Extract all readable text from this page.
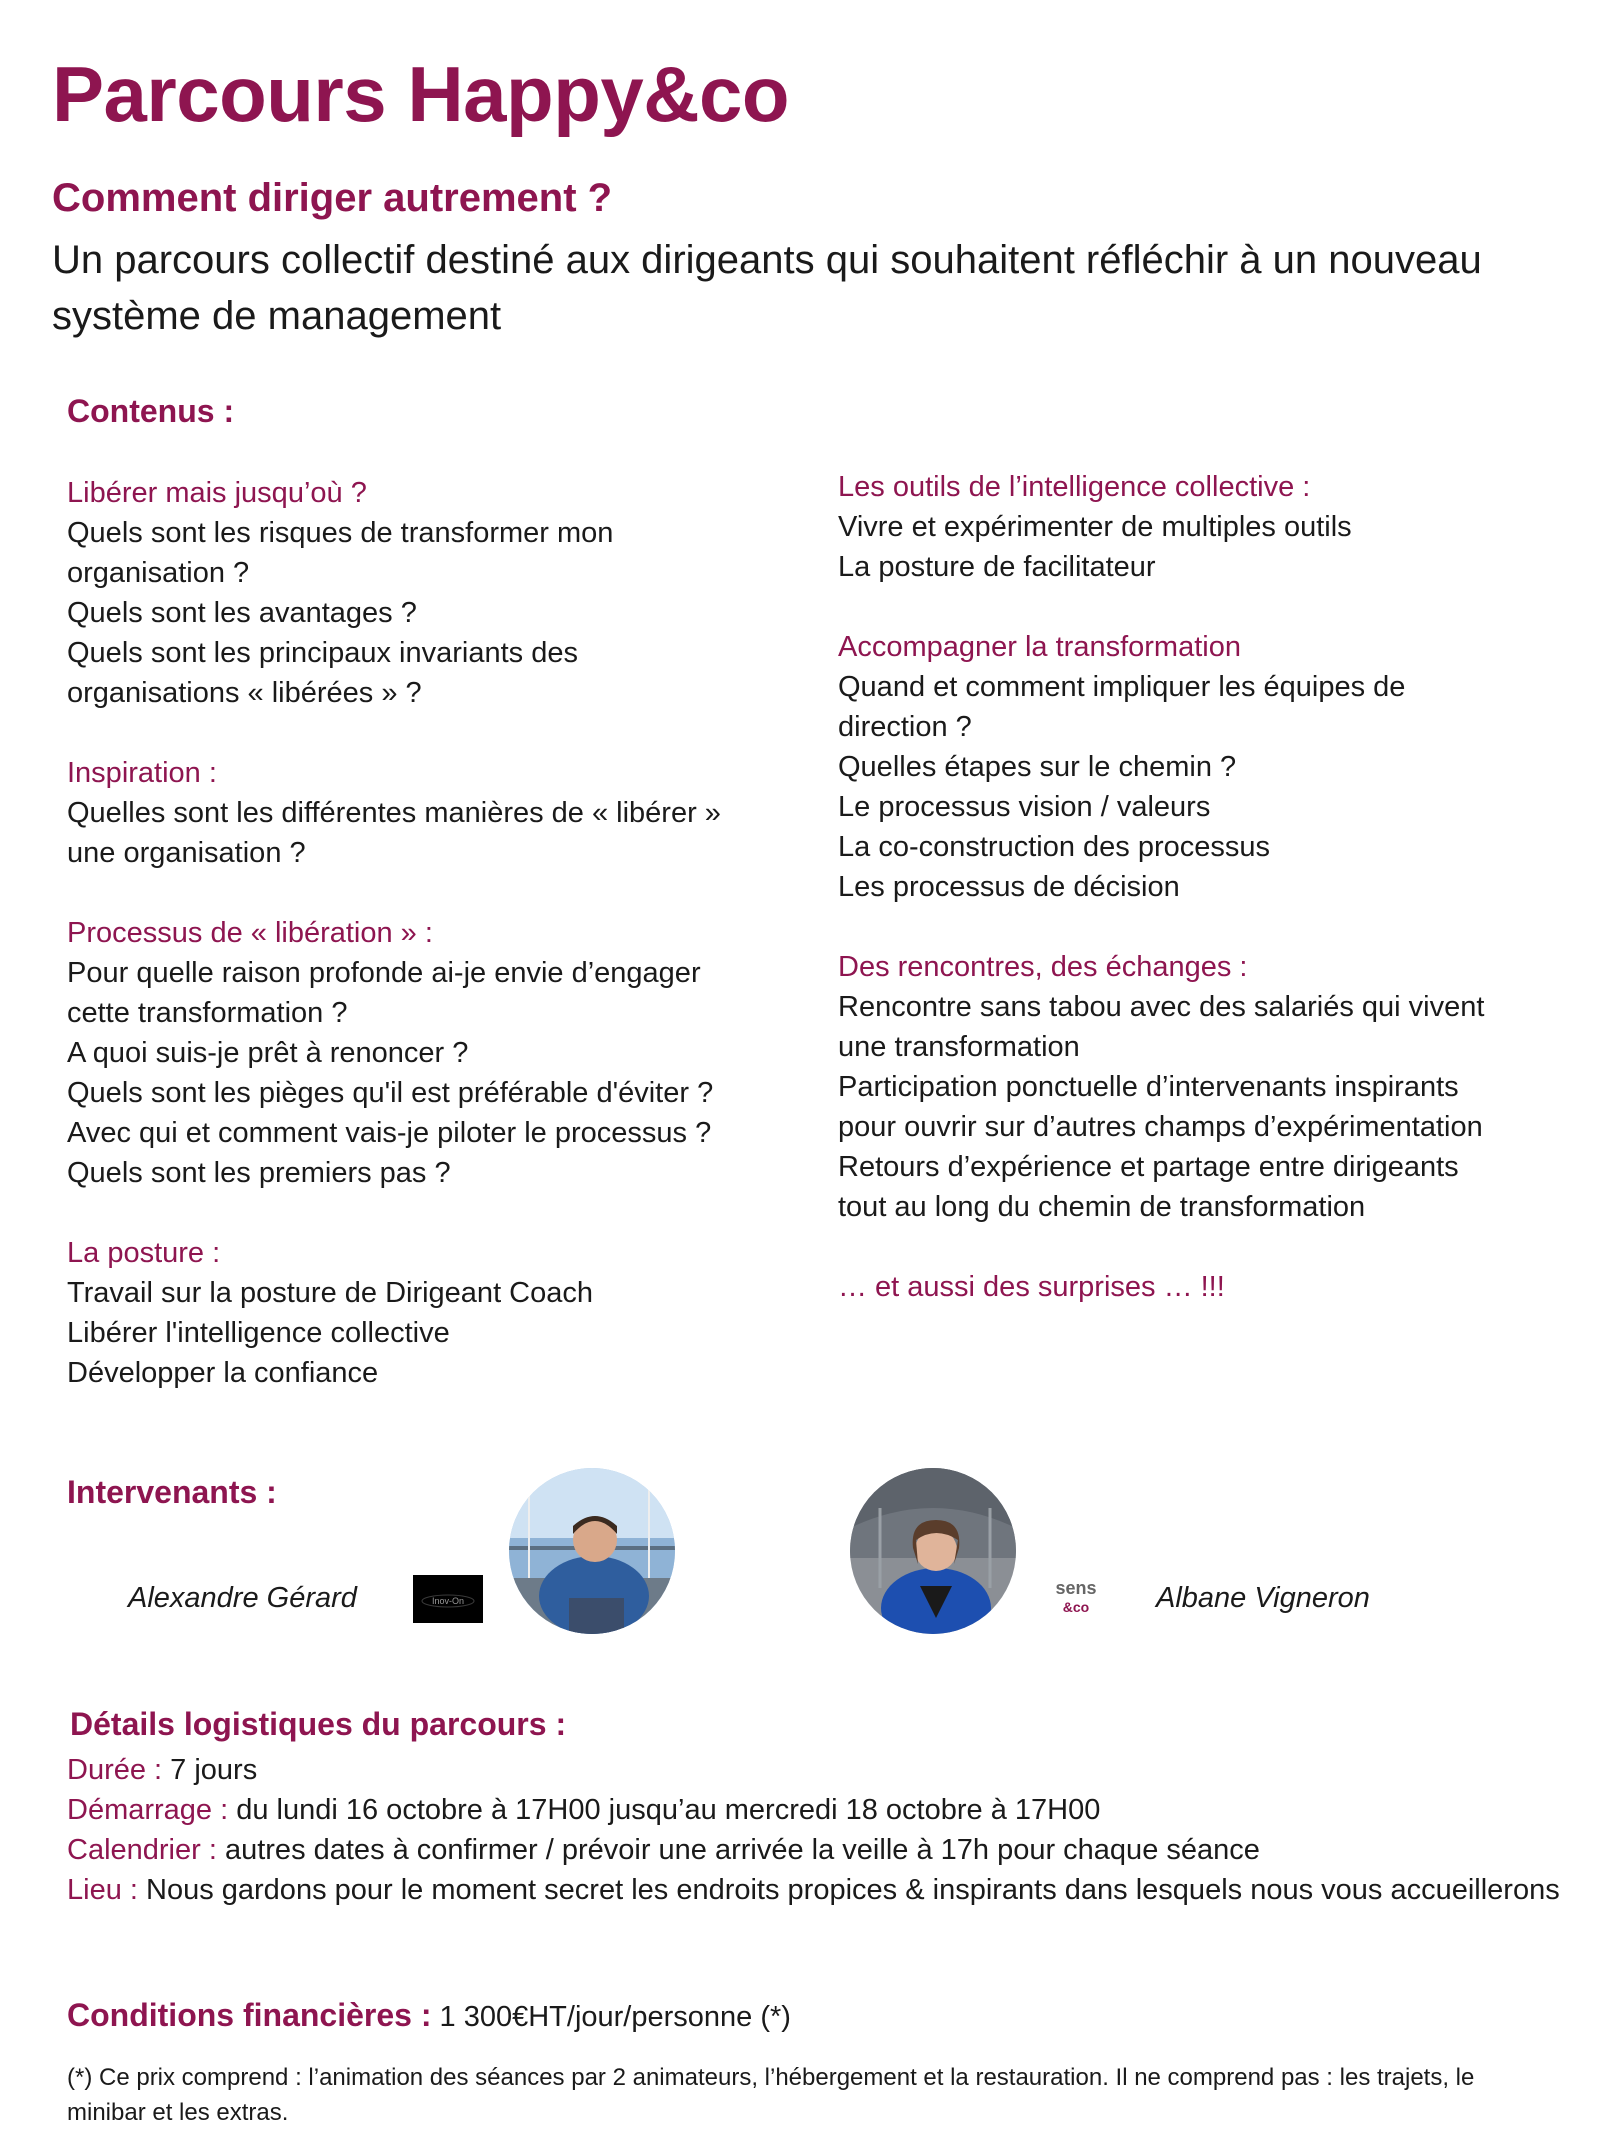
Parcours Happy&co
Comment diriger autrement ?

Un parcours collectif destiné aux dirigeants qui souhaitent réfléchir à un nouveau système de management

Contenus :
Libérer mais jusqu’où ?
Quels sont les risques de transformer mon
organisation ?
Quels sont les avantages ?
Quels sont les principaux invariants des
organisations « libérées » ?
Inspiration :
Quelles sont les différentes manières de « libérer »
une organisation ?
Processus de « libération » :
Pour quelle raison profonde ai-je envie d’engager
cette transformation ?
A quoi suis-je prêt à renoncer ?
Quels sont les pièges qu'il est préférable d'éviter ?
Avec qui et comment vais-je piloter le processus ?
Quels sont les premiers pas ?
La posture :
Travail sur la posture de Dirigeant Coach
Libérer l'intelligence collective
Développer la confiance
Les outils de l’intelligence collective :
Vivre et expérimenter de multiples outils
La posture de facilitateur
Accompagner la transformation
Quand et comment impliquer les équipes de
direction ?
Quelles étapes sur le chemin ?
Le processus vision / valeurs
La co-construction des processus
Les processus de décision
Des rencontres, des échanges :
Rencontre sans tabou avec des salariés qui vivent
une transformation
Participation ponctuelle d’intervenants inspirants
pour ouvrir sur d’autres champs d’expérimentation
Retours d’expérience et partage entre dirigeants
tout au long du chemin de transformation
… et aussi des surprises … !!!
Intervenants :
Alexandre Gérard	Inov-On
sens
&co Albane Vigneron
Détails logistiques du parcours :
Durée : 7 jours
Démarrage : du lundi 16 octobre à 17H00 jusqu’au mercredi 18 octobre à 17H00
Calendrier : autres dates à confirmer / prévoir une arrivée la veille à 17h pour chaque séance
Lieu : Nous gardons pour le moment secret les endroits propices & inspirants dans lesquels nous vous accueillerons
Conditions financières : 1 300€HT/jour/personne (*)
(*) Ce prix comprend : l’animation des séances par 2 animateurs, l’hébergement et la restauration. Il ne comprend pas : les trajets, le minibar et les extras.
